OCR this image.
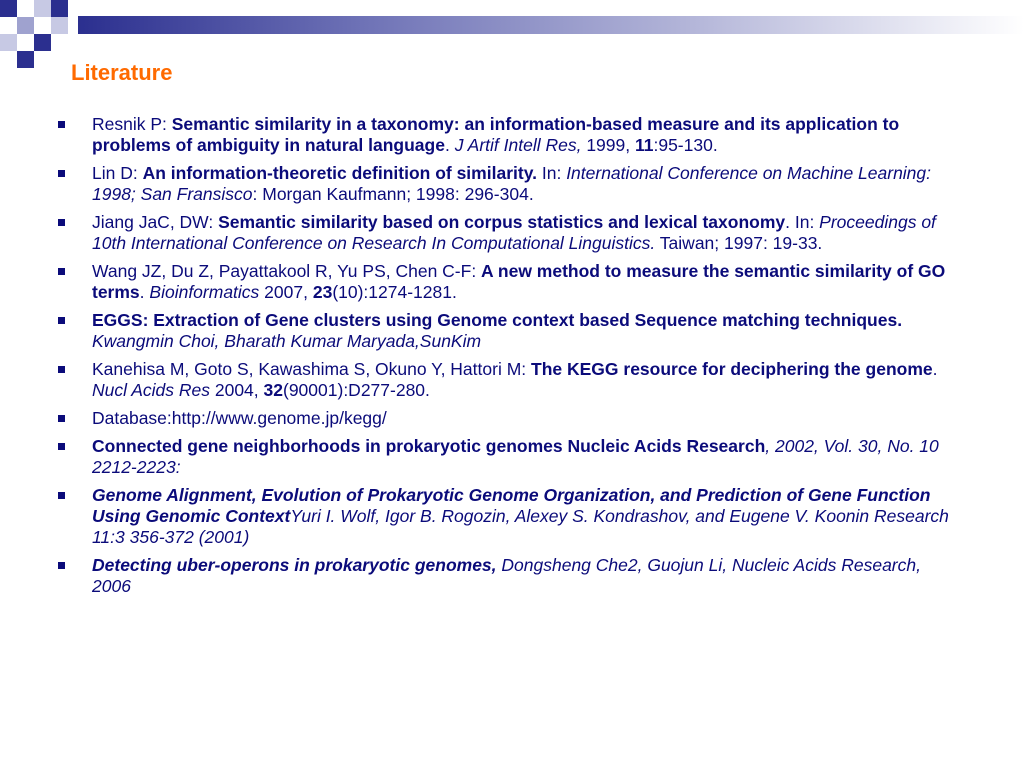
Literature
Resnik P: Semantic similarity in a taxonomy: an information-based measure and its application to problems of ambiguity in natural language. J Artif Intell Res, 1999, 11:95-130.
Lin D: An information-theoretic definition of similarity. In: International Conference on Machine Learning: 1998; San Fransisco: Morgan Kaufmann; 1998: 296-304.
Jiang JaC, DW: Semantic similarity based on corpus statistics and lexical taxonomy. In: Proceedings of 10th International Conference on Research In Computational Linguistics. Taiwan; 1997: 19-33.
Wang JZ, Du Z, Payattakool R, Yu PS, Chen C-F: A new method to measure the semantic similarity of GO terms. Bioinformatics 2007, 23(10):1274-1281.
EGGS: Extraction of Gene clusters using Genome context based Sequence matching techniques. Kwangmin Choi, Bharath Kumar Maryada,SunKim
Kanehisa M, Goto S, Kawashima S, Okuno Y, Hattori M: The KEGG resource for deciphering the genome. Nucl Acids Res 2004, 32(90001):D277-280.
Database:http://www.genome.jp/kegg/
Connected gene neighborhoods in prokaryotic genomes Nucleic Acids Research, 2002, Vol. 30, No. 10 2212-2223:
Genome Alignment, Evolution of Prokaryotic Genome Organization, and Prediction of Gene Function Using Genomic ContextYuri I. Wolf, Igor B. Rogozin, Alexey S. Kondrashov, and Eugene V. Koonin Research 11:3 356-372 (2001)
Detecting uber-operons in prokaryotic genomes, Dongsheng Che2, Guojun Li, Nucleic Acids Research, 2006
